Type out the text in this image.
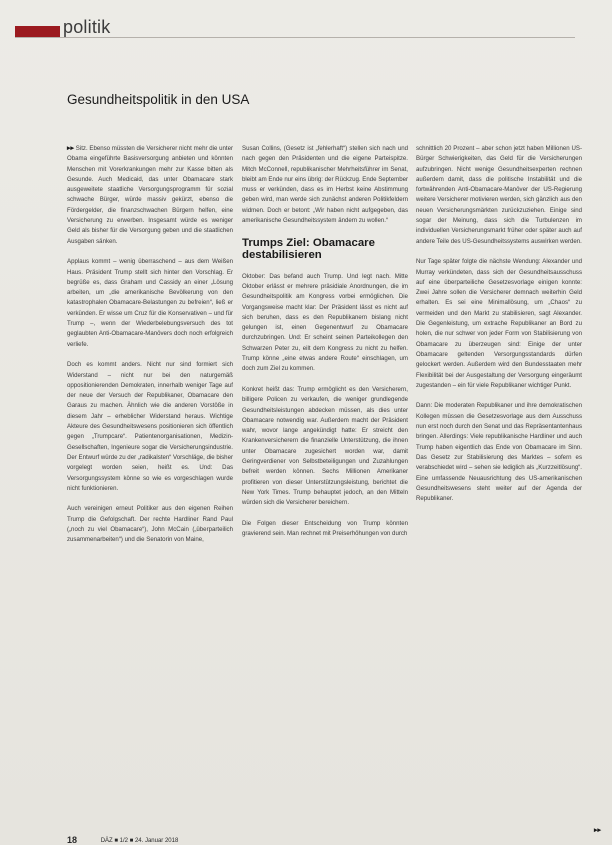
politik
Gesundheitspolitik in den USA

▸▸ Sitz. Ebenso müssten die Versicherer nicht mehr die unter Obama eingeführte Basisversorgung anbieten und könnten Menschen mit Vorerkrankungen mehr zur Kasse bitten als Gesunde. Auch Medicaid, das unter Obamacare stark ausgeweitete staatliche Versorgungsprogramm für sozial schwache Bürger, würde massiv gekürzt, ebenso die Fördergelder, die finanzschwachen Bürgern helfen, eine Versicherung zu erwerben. Insgesamt würde es weniger Geld als bisher für die Versorgung geben und die staatlichen Ausgaben sänken.

Applaus kommt – wenig überraschend – aus dem Weißen Haus. Präsident Trump stellt sich hinter den Vorschlag. Er begrüße es, dass Graham und Cassidy an einer „Lösung arbeiten, um „die amerikanische Bevölkerung von den katastrophalen Obamacare-Belastungen zu befreien“, ließ er verkünden. Er wisse um Cruz für die Konservativen – und für Trump –, wenn der Wiederbelebungsversuch des tot geglaubten Anti-Obamacare-Manövers doch noch erfolgreich verliefe.

Doch es kommt anders. Nicht nur sind formiert sich Widerstand – nicht nur bei den naturgemäß oppositionierenden Demokraten, innerhalb weniger Tage auf der neue der Versuch der Republikaner, Obamacare den Garaus zu machen. Ähnlich wie die anderen Vorstöße in diesem Jahr – erheblicher Widerstand heraus. Wichtige Akteure des Gesundheitswesens positionieren sich öffentlich gegen „Trumpcare“. Patientenorganisationen, Medizin-Gesellschaften, Ingenieure sogar die Versicherungsindustrie. Der Entwurf würde zu der „radikalsten“ Vorschläge, die bisher vorgelegt worden seien, heißt es. Und: Das Versorgungssystem könne so wie es vorgeschlagen wurde nicht funktionieren.

Auch vereinigen erneut Politiker aus den eigenen Reihen Trump die Gefolgschaft. Der rechte Hardliner Rand Paul („noch zu viel Obamacare“), John McCain („überparteilich zusammenarbeiten“) und die Senatorin von Maine,

Susan Collins, (Gesetz ist „fehlerhaft“) stellen sich nach und nach gegen den Präsidenten und die eigene Parteispitze. Mitch McConnell, republikanischer Mehrheitsführer im Senat, bleibt am Ende nur eins übrig: der Rückzug. Ende September muss er verkünden, dass es im Herbst keine Abstimmung geben wird, man werde sich zunächst anderen Politikfeldern widmen. Doch er betont: „Wir haben nicht aufgegeben, das amerikanische Gesundheitssystem ändern zu wollen.“

Trumps Ziel: Obamacare destabilisieren

Oktober: Das befand auch Trump. Und legt nach. Mitte Oktober erlässt er mehrere präsidiale Anordnungen, die im Gesundheitspolitik am Kongress vorbei ermöglichen. Die Vorgangsweise macht klar: Der Präsident lässt es nicht auf sich beruhen, dass es den Republikanern bislang nicht gelungen ist, einen Gegenentwurf zu Obamacare durchzubringen. Und: Er scheint seinen Parteikollegen den Schwarzen Peter zu, eilt dem Kongress zu nicht zu helfen. Trump könne „eine etwas andere Route“ einschlagen, um doch zum Ziel zu kommen.

Konkret heißt das: Trump ermöglicht es den Versicherern, billigere Policen zu verkaufen, die weniger grundlegende Gesundheitsleistungen abdecken müssen, als dies unter Obamacare notwendig war. Außerdem macht der Präsident wahr, wovor lange angekündigt hatte: Er streicht den Krankenversicherern die finanzielle Unterstützung, die ihnen unter Obamacare zugesichert worden war, damit Geringverdiener von Selbstbeteiligungen und Zuzahlungen befreit werden können. Sechs Millionen Amerikaner profitieren von dieser Unterstützungsleistung, berichtet die New York Times. Trump behauptet jedoch, an den Mitteln würden sich die Versicherer bereichern.

Die Folgen dieser Entscheidung von Trump könnten gravierend sein. Man rechnet mit Preiserhöhungen von durch

schnittlich 20 Prozent – aber schon jetzt haben Millionen US-Bürger Schwierigkeiten, das Geld für die Versicherungen aufzubringen. Nicht wenige Gesundheitsexperten rechnen außerdem damit, dass die politische Instabilität und die fortwährenden Anti-Obamacare-Manöver der US-Regierung weitere Versicherer motivieren werden, sich gänzlich aus den neuen Versicherungsmärkten zurückzuziehen. Einige sind sogar der Meinung, dass sich die Turbulenzen im individuellen Versicherungsmarkt früher oder später auch auf andere Teile des US-Gesundheitssystems auswirken werden.

Nur Tage später folgte die nächste Wendung: Alexander und Murray verkündeten, dass sich der Gesundheitsausschuss auf eine überparteiliche Gesetzesvorlage einigen konnte: Zwei Jahre sollen die Versicherer demnach weiterhin Geld erhalten. Es sei eine Minimallösung, um „Chaos“ zu vermeiden und den Markt zu stabilisieren, sagt Alexander. Die Gegenleistung, um extrache Republikaner an Bord zu holen, die nur schwer von jeder Form von Stabilisierung von Obamacare zu überzeugen sind: Einige der unter Obamacare geltenden Versorgungsstandards dürfen gelockert werden. Außerdem wird den Bundesstaaten mehr Flexibilität bei der Ausgestaltung der Versorgung eingeräumt zugestanden – ein für viele Republikaner wichtiger Punkt.

Dann: Die moderaten Republikaner und ihre demokratischen Kollegen müssen die Gesetzesvorlage aus dem Ausschuss nun erst noch durch den Senat und das Repräsentantenhaus bringen. Allerdings: Viele republikanische Hardliner und auch Trump haben eigentlich das Ende von Obamacare im Sinn. Das Gesetz zur Stabilisierung des Marktes – sofern es verabschiedet wird – sehen sie lediglich als „Kurzzeitlösung“. Eine umfassende Neuausrichtung des US-amerikanischen Gesundheitswesens steht weiter auf der Agenda der Republikaner.

▸▸
18	DÄZ ■ 1/2 ■ 24. Januar 2018
